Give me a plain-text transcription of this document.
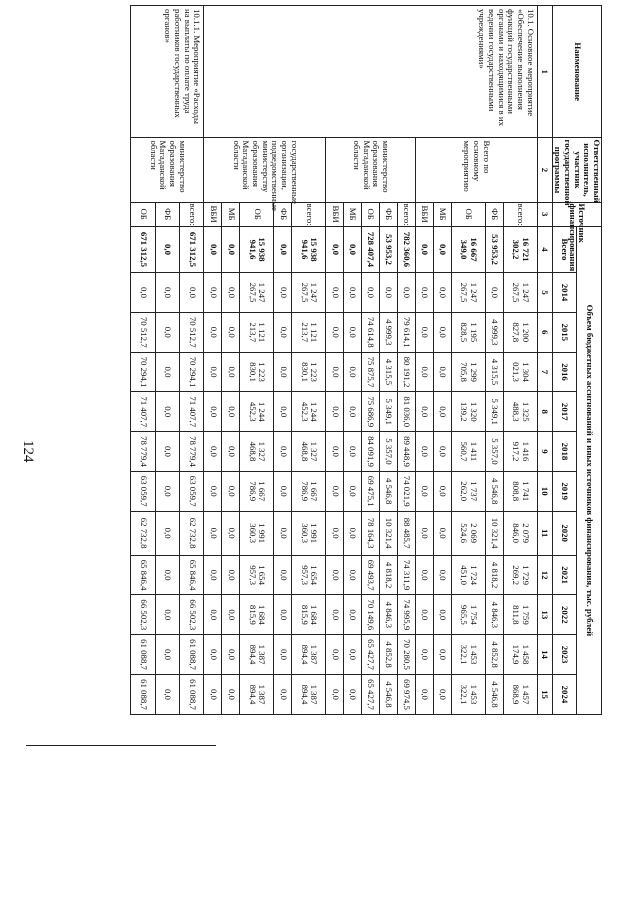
124
Наименование	Ответственный исполнитель, участник государственной программы	Источник финансирования	Объем бюджетных ассигнований и иных источников финансирования, тыс. рублей											
			Всего	2014	2015	2016	2017	2018	2019	2020	2021	2022	2023	2024
1	2	3	4	5	6	7	8	9	10	11	12	13	14	15
10.1. Основное мероприятие «Обеспечение выполнения функций государственными органами и находящимися в их ведении государственными учреждениями»	Всего по основному мероприятию	всего:	16 721 302,2	1 247 267,5	1 200 827,8	1 304 021,3	1 325 488,3	1 416 917,2	1 741 808,8	2 079 846,0	1 729 269,2	1 759 811,8	1 458 174,9	1 457 868,9
		ФБ	53 953,2	0,0	4 999,3	4 315,5	5 349,1	5 357,0	4 546,8	10 321,4	4 818,2	4 846,3	4 852,8	4 546,8
		ОБ	16 667 349,0	1 247 267,5	1 195 828,5	1 299 705,8	1 320 139,2	1 411 560,7	1 737 262,0	2 069 524,6	1 724 451,0	1 754 965,5	1 453 322,1	1 453 322,1
		МБ	0,0	0,0	0,0	0,0	0,0	0,0	0,0	0,0	0,0	0,0	0,0	0,0
		ВБИ	0,0	0,0	0,0	0,0	0,0	0,0	0,0	0,0	0,0	0,0	0,0	0,0
	министерство образования Магаданской области	всего:	782 360,6	0,0	79 614,1	80 191,2	81 036,0	89 448,9	74 021,9	88 485,7	74 311,9	74 995,9	70 280,5	69 974,5
		ФБ	53 953,2	0,0	4 999,3	4 315,5	5 349,1	5 357,0	4 546,8	10 321,4	4 818,2	4 846,3	4 852,8	4 546,8
		ОБ	728 407,4	0,0	74 614,8	75 875,7	75 686,9	84 091,9	69 475,1	78 164,3	69 493,7	70 149,6	65 427,7	65 427,7
		МБ	0,0	0,0	0,0	0,0	0,0	0,0	0,0	0,0	0,0	0,0	0,0	0,0
		ВБИ	0,0	0,0	0,0	0,0	0,0	0,0	0,0	0,0	0,0	0,0	0,0	0,0
	государственные организации, подведомственные министерству образования Магаданской области	всего:	15 938 941,6	1 247 267,5	1 121 213,7	1 223 830,1	1 244 452,3	1 327 468,8	1 667 786,9	1 991 360,3	1 654 957,3	1 684 815,9	1 387 894,4	1 387 894,4
		ФБ	0,0	0,0	0,0	0,0	0,0	0,0	0,0	0,0	0,0	0,0	0,0	0,0
		ОБ	15 938 941,6	1 247 267,5	1 121 213,7	1 223 830,1	1 244 452,3	1 327 468,8	1 667 786,9	1 991 360,3	1 654 957,3	1 684 815,9	1 387 894,4	1 387 894,4
		МБ	0,0	0,0	0,0	0,0	0,0	0,0	0,0	0,0	0,0	0,0	0,0	0,0
		ВБИ	0,0	0,0	0,0	0,0	0,0	0,0	0,0	0,0	0,0	0,0	0,0	0,0
10.1.1. Мероприятие «Расходы на выплаты по оплате труда работников государственных органов»	министерство образования Магаданской области	всего:	671 312,5	0,0	70 512,7	70 294,1	71 407,7	78 779,4	63 059,7	62 732,8	65 846,4	66 502,3	61 088,7	61 088,7
		ФБ	0,0	0,0	0,0	0,0	0,0	0,0	0,0	0,0	0,0	0,0	0,0	0,0
		ОБ	671 312,5	0,0	70 512,7	70 294,1	71 407,7	78 779,4	63 059,7	62 732,8	65 846,4	66 502,3	61 088,7	61 088,7
